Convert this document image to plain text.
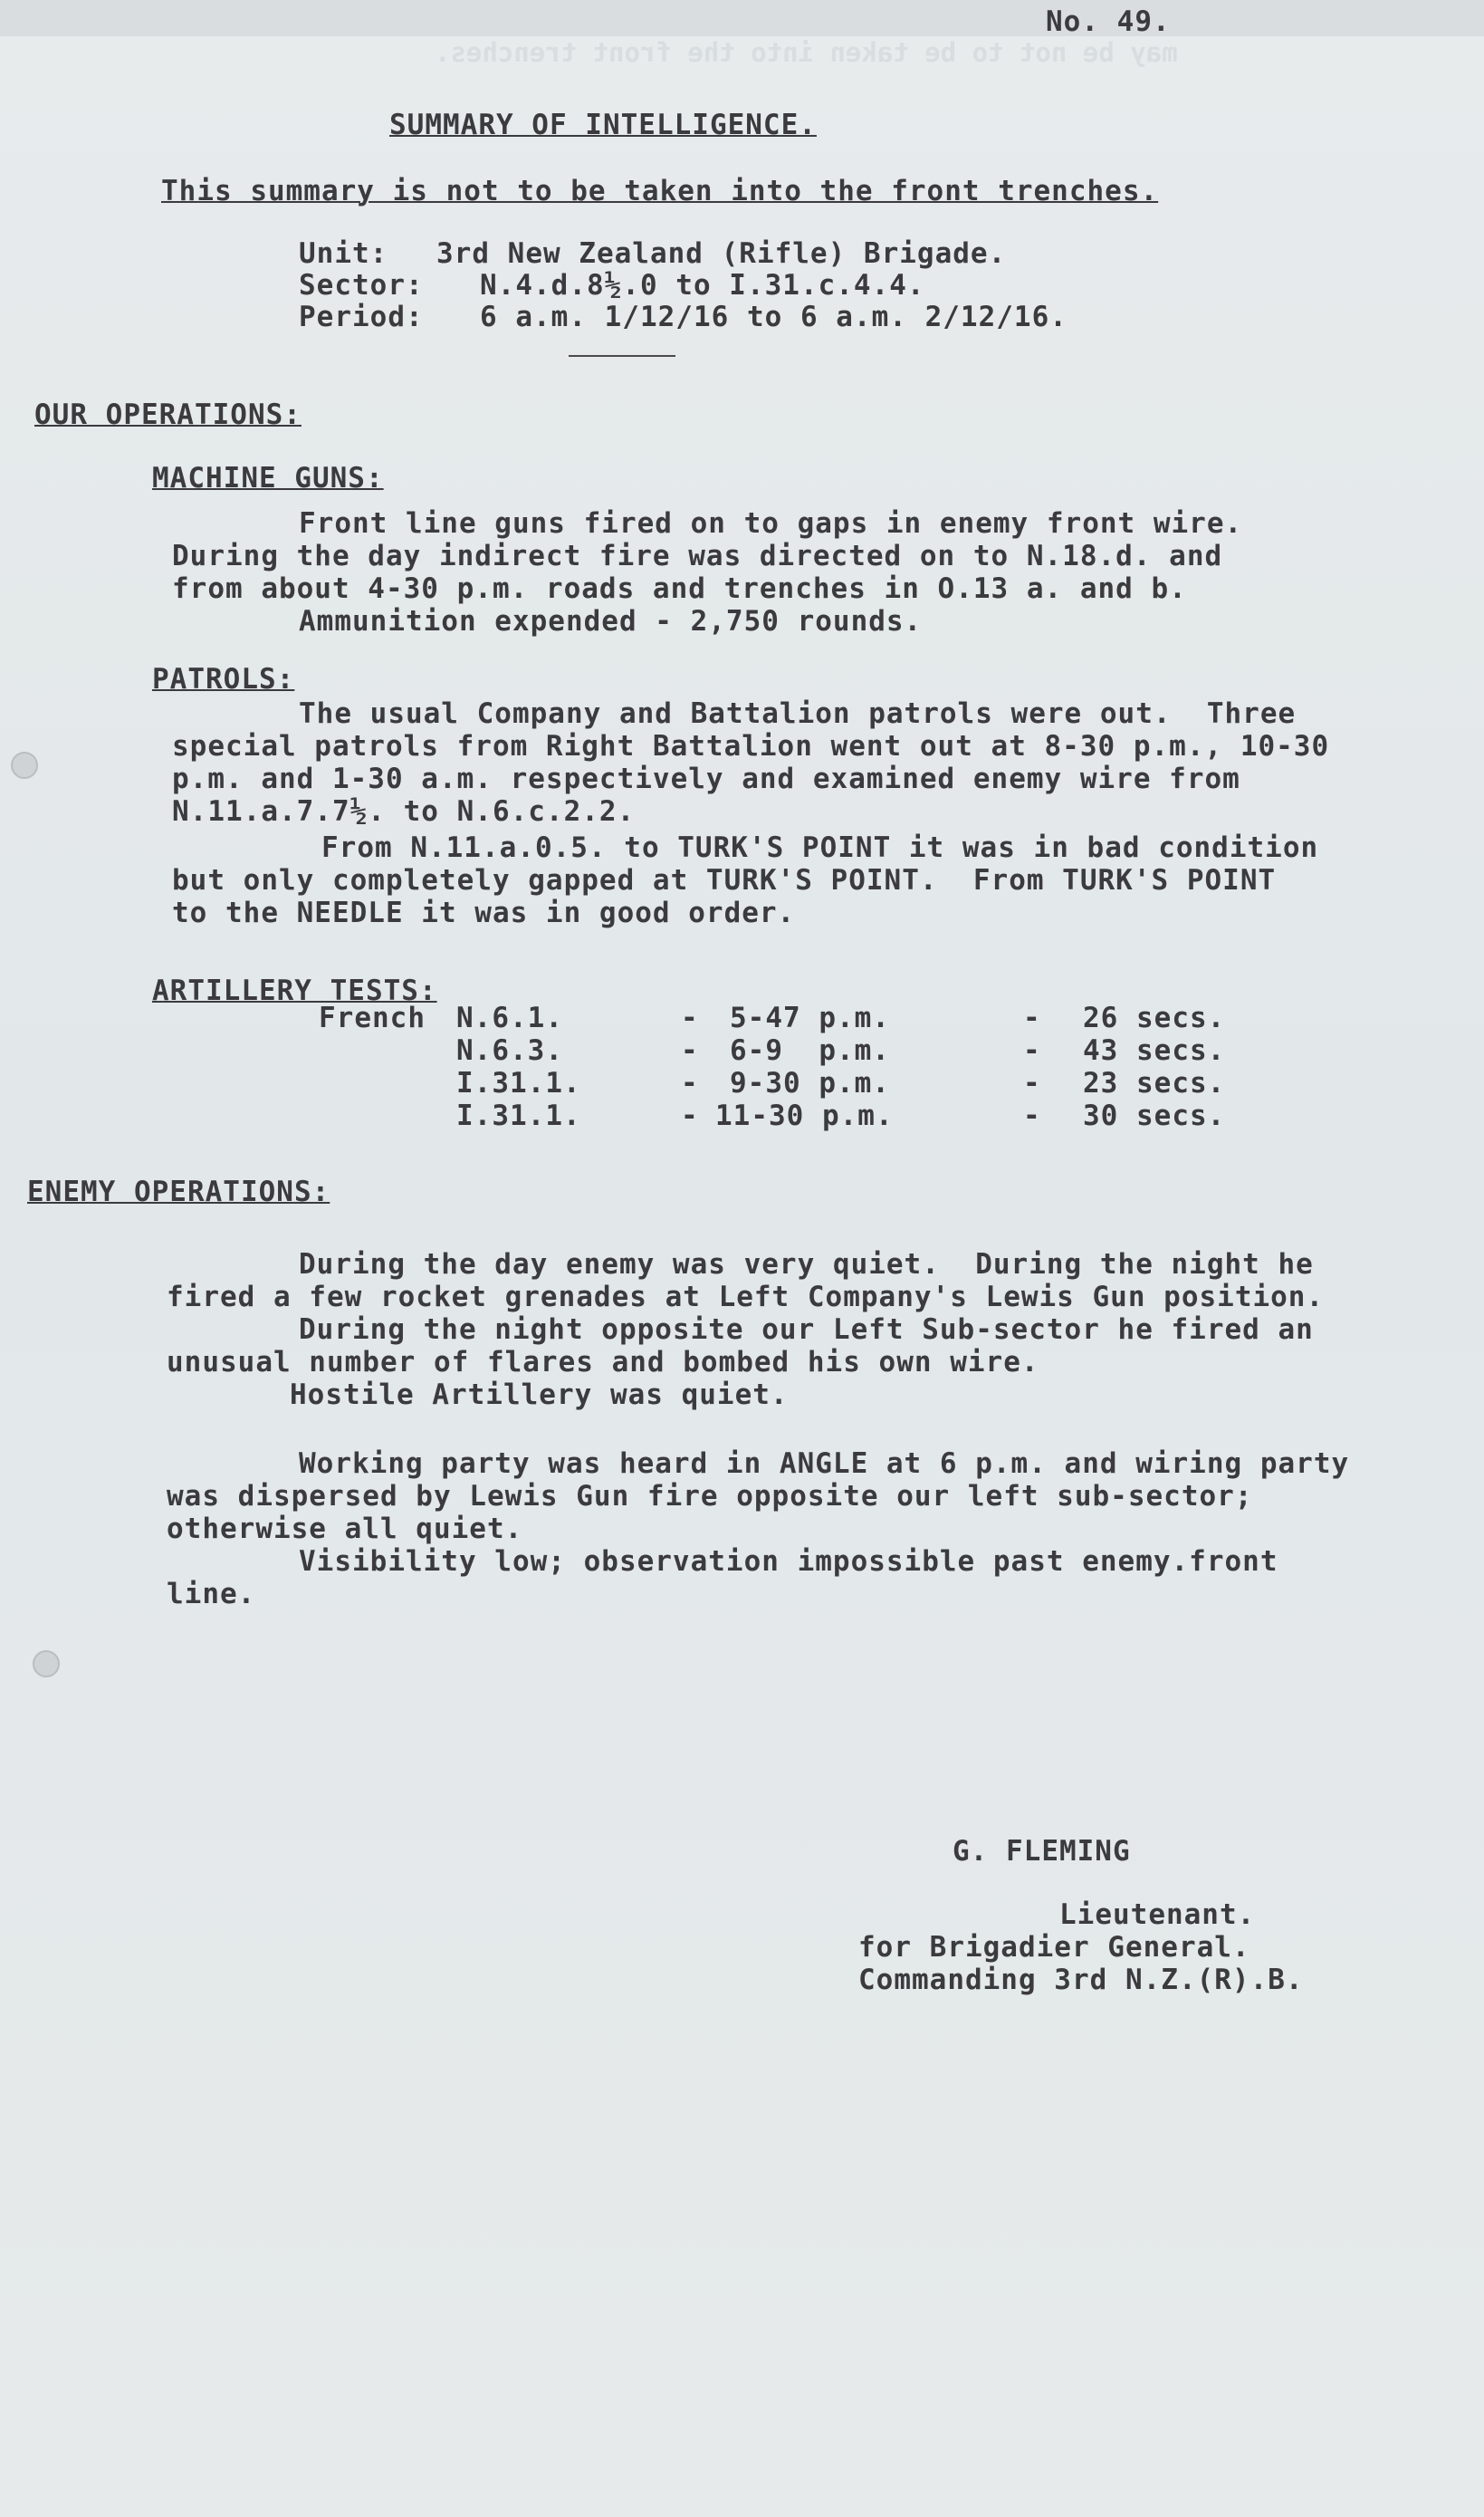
may be not to be taken into the front trenches.
No. 49.
SUMMARY OF INTELLIGENCE.
This summary is not to be taken into the front trenches.
Unit: 3rd New Zealand (Rifle) Brigade.
Sector: N.4.d.8½.0 to I.31.c.4.4.
Period: 6 a.m. 1/12/16 to 6 a.m. 2/12/16.
OUR OPERATIONS:
MACHINE GUNS:
Front line guns fired on to gaps in enemy front wire.
During the day indirect fire was directed on to N.18.d. and
from about 4-30 p.m. roads and trenches in O.13 a. and b.
Ammunition expended - 2,750 rounds.
PATROLS:
The usual Company and Battalion patrols were out.  Three
special patrols from Right Battalion went out at 8-30 p.m., 10-30
p.m. and 1-30 a.m. respectively and examined enemy wire from
N.11.a.7.7½. to N.6.c.2.2.
From N.11.a.0.5. to TURK'S POINT it was in bad condition
but only completely gapped at TURK'S POINT.  From TURK'S POINT
to the NEEDLE it was in good order.
ARTILLERY TESTS:
French N.6.1.	- 5-47 p.m.	- 26 secs.
N.6.3.	- 6-9  p.m.	- 43 secs.
I.31.1.	- 9-30 p.m.	- 23 secs.
I.31.1.	- 11-30 p.m.	- 30 secs.
ENEMY OPERATIONS:
During the day enemy was very quiet.  During the night he
fired a few rocket grenades at Left Company's Lewis Gun position.
During the night opposite our Left Sub-sector he fired an
unusual number of flares and bombed his own wire.
Hostile Artillery was quiet.
Working party was heard in ANGLE at 6 p.m. and wiring party
was dispersed by Lewis Gun fire opposite our left sub-sector;
otherwise all quiet.
Visibility low; observation impossible past enemy.front
line.
G. FLEMING
Lieutenant.
for Brigadier General.
Commanding 3rd N.Z.(R).B.
